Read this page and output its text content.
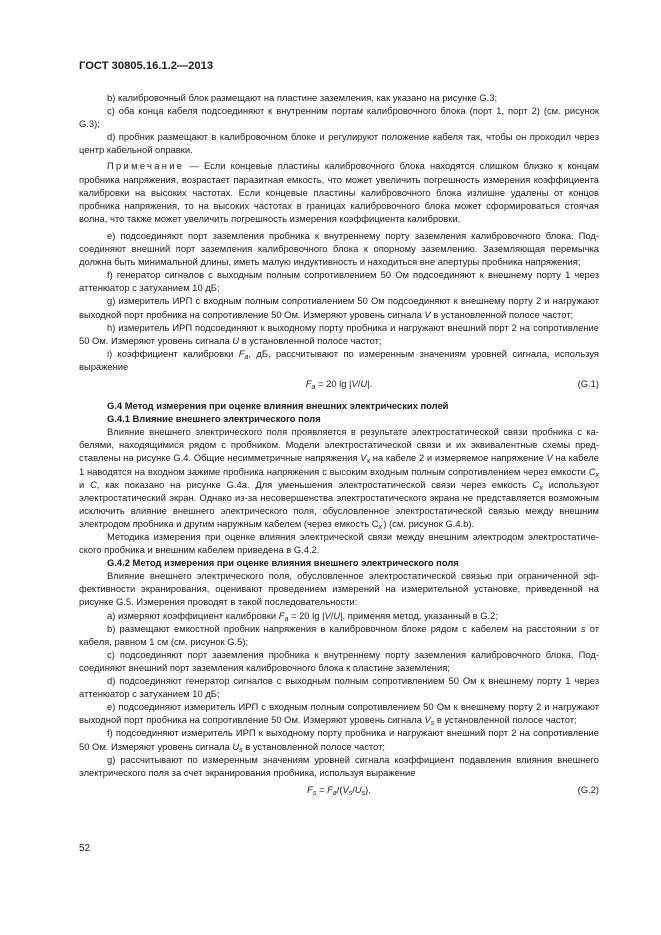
ГОСТ 30805.16.1.2—2013

b) калибровочный блок размещают на пластине заземления, как указано на рисунке G.3;

c) оба конца кабеля подсоединяют к внутренним портам калибровочного блока (порт 1, порт 2) (см. рисунок G.3);

d) пробник размещают в калибровочном блоке и регулируют положение кабеля так, чтобы он проходил через центр кабельной оправки.

Примечание — Если концевые пластины калибровочного блока находятся слишком близко к концам пробника напряжения, возрастает паразитная емкость, что может увеличить погрешность измерения коэффициента калибровки на высоких частотах. Если концевые пластины калибровочного блока излишне удалены от концов пробника напряжения, то на высоких частотах в границах калибровочного блока может сформироваться стоячая волна, что также может увеличить погрешность измерения коэффициента калибровки.

e) подсоединяют порт заземления пробника к внутреннему порту заземления калибровочного блока. Подсоединяют внешний порт заземления калибровочного блока к опорному заземлению. Заземляющая перемычка должна быть минимальной длины, иметь малую индуктивность и находиться вне апертуры пробника напряжения;

f) генератор сигналов с выходным полным сопротивлением 50 Ом подсоединяют к внешнему порту 1 через аттенюатор с затуханием 10 дБ;

g) измеритель ИРП с входным полным сопротивлением 50 Ом подсоединяют к внешнему порту 2 и нагружают выходной порт пробника на сопротивление 50 Ом. Измеряют уровень сигнала V в установленной полосе частот;

h) измеритель ИРП подсоединяют к выходному порту пробника и нагружают внешний порт 2 на сопротивление 50 Ом. Измеряют уровень сигнала U в установленной полосе частот;

i) коэффициент калибровки $F_a$, дБ, рассчитывают по измеренным значениям уровней сигнала, используя выражение

$F_a = 20$ lg |V/U|.	(G.1)

G.4 Метод измерения при оценке влияния внешних электрических полей

G.4.1 Влияние внешнего электрического поля

Влияние внешнего электрического поля проявляется в результате электростатической связи пробника с кабелями, находящимися рядом с пробником. Модели электростатической связи и их эквивалентные схемы представлены на рисунке G.4. Общие несимметричные напряжения $V_x$ на кабеле 2 и измеряемое напряжение V на кабеле 1 наводятся на входном зажиме пробника напряжения с высоким входным полным сопротивлением через емкости $C_x$ и C, как показано на рисунке G.4a. Для уменьшения электростатической связи через емкость $C_x$ используют электростатический экран. Однако из-за несовершенства электростатического экрана не представляется возможным исключить влияние внешнего электрического поля, обусловленное электростатической связью между внешним электродом пробника и другим наружным кабелем (через емкость $C_x'$) (см. рисунок G.4.b).

Методика измерения при оценке влияния электрической связи между внешним электродом электростатического пробника и внешним кабелем приведена в G.4.2.

G.4.2 Метод измерения при оценке влияния внешнего электрического поля

Влияние внешнего электрического поля, обусловленное электростатической связью при ограниченной эффективности экранирования, оценивают проведением измерений на измерительной установке, приведенной на рисунке G.5. Измерения проводят в такой последовательности:

a) измеряют коэффициент калибровки $F_a = 20$ lg |V/U|, применяя метод, указанный в G.2;

b) размещают емкостной пробник напряжения в калибровочном блоке рядом с кабелем на расстоянии s от кабеля, равном 1 см (см. рисунок G.5);

c) подсоединяют порт заземления пробника к внутреннему порту заземления калибровочного блока. Подсоединяют внешний порт заземления калибровочного блока к пластине заземления;

d) подсоединяют генератор сигналов с выходным полным сопротивлением 50 Ом к внешнему порту 1 через аттенюатор с затуханием 10 дБ;

e) подсоединяют измеритель ИРП с входным полным сопротивлением 50 Ом к внешнему порту 2 и нагружают выходной порт пробника на сопротивление 50 Ом. Измеряют уровень сигнала $V_s$ в установленной полосе частот;

f) подсоединяют измеритель ИРП к выходному порту пробника и нагружают внешний порт 2 на сопротивление 50 Ом. Измеряют уровень сигнала $U_s$ в установленной полосе частот;

g) рассчитывают по измеренным значениям уровней сигнала коэффициент подавления влияния внешнего электрического поля за счет экранирования пробника, используя выражение

$F_s = F_a/(V_s/U_s)$.	(G.2)

52
